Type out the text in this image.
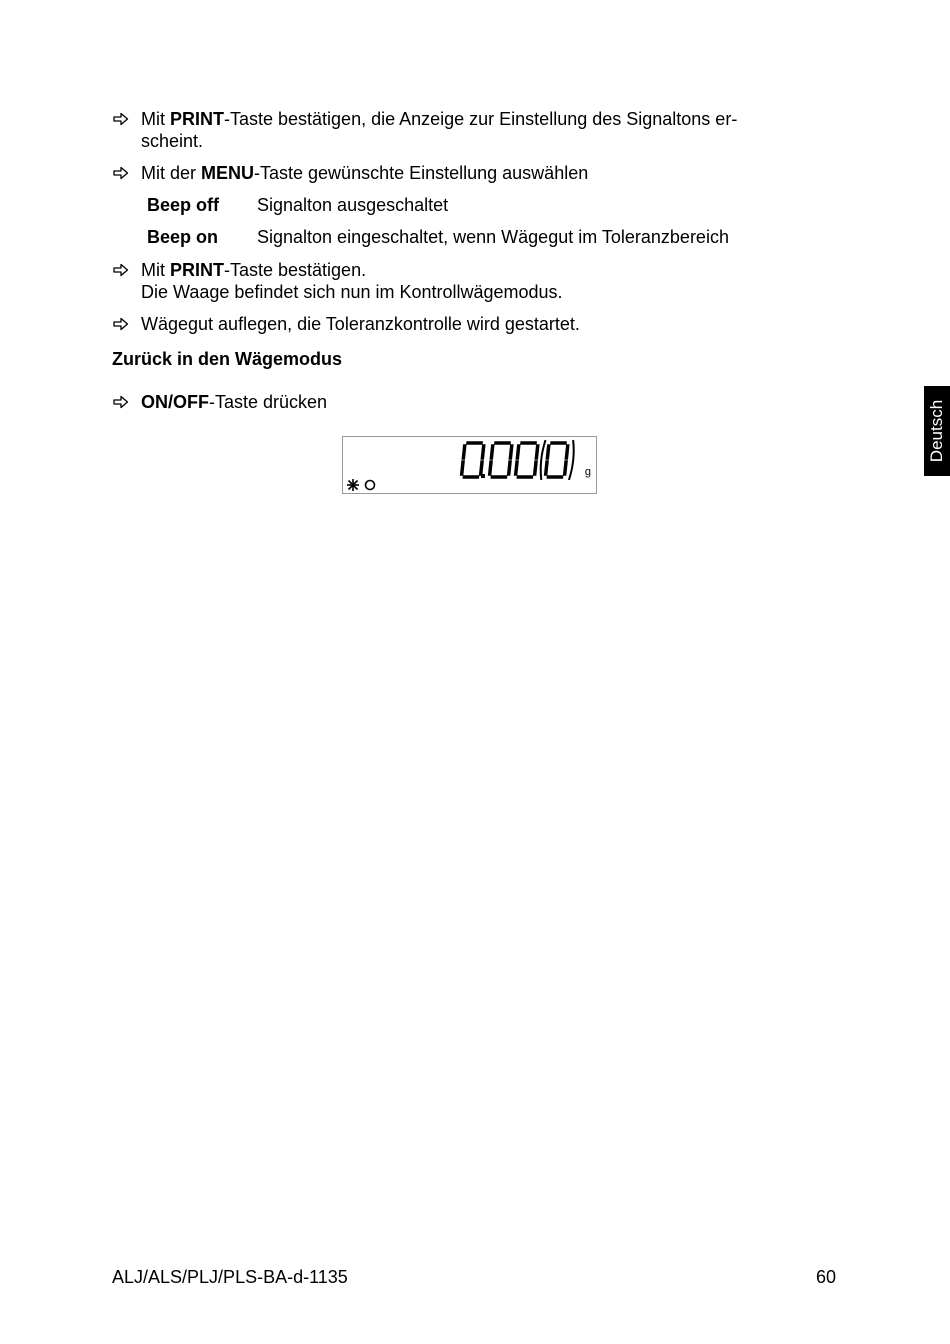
Mit PRINT-Taste bestätigen, die Anzeige zur Einstellung des Signaltons er-
scheint.
Mit der MENU-Taste gewünschte Einstellung auswählen
Beep off Signalton ausgeschaltet
Beep on Signalton eingeschaltet, wenn Wägegut im Toleranzbereich
Mit PRINT-Taste bestätigen.
Die Waage befindet sich nun im Kontrollwägemodus.
Wägegut auflegen, die Toleranzkontrolle wird gestartet.
Zurück in den Wägemodus
ON/OFF-Taste drücken	Deutsch
g
ALJ/ALS/PLJ/PLS-BA-d-1135	60
